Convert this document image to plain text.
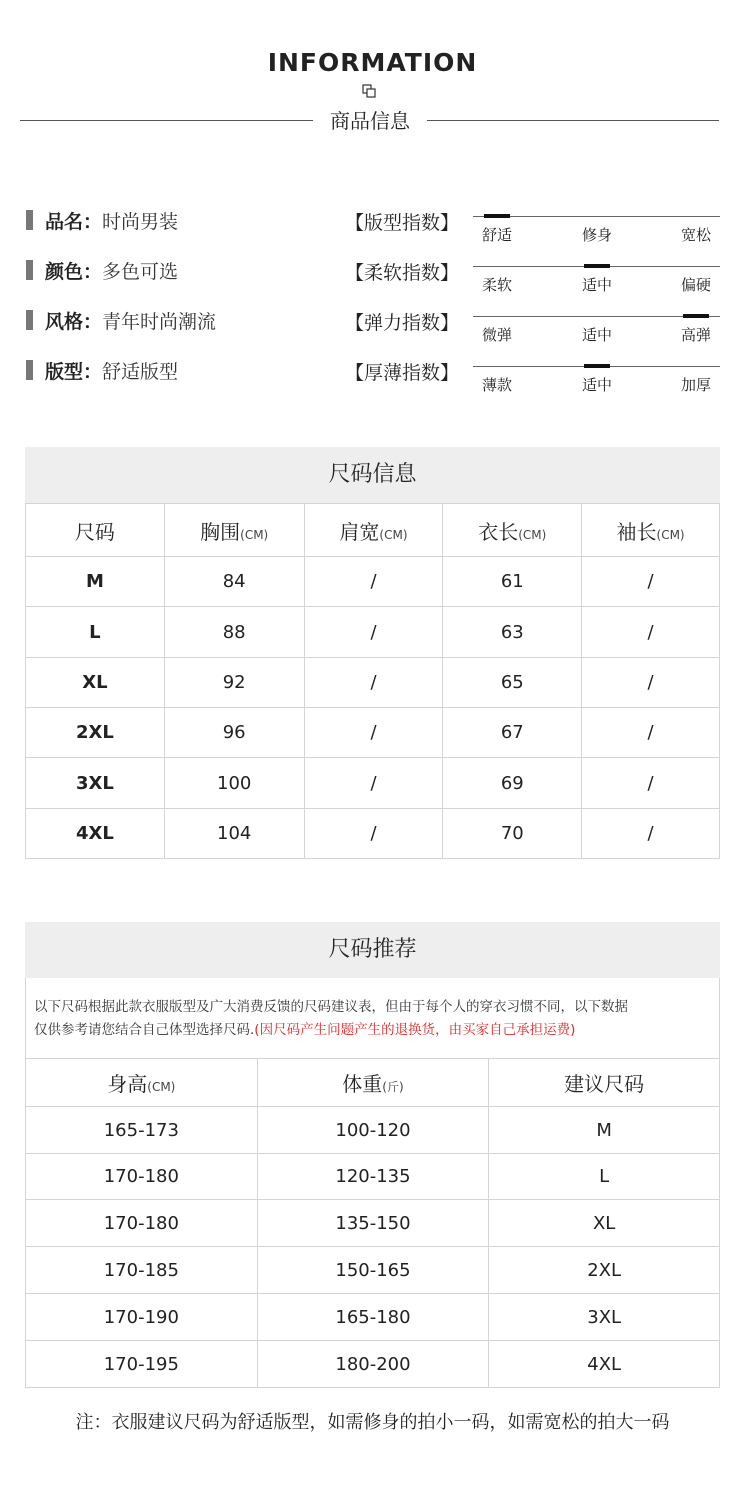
INFORMATION
商品信息
品名： 时尚男装
颜色： 多色可选
风格： 青年时尚潮流
版型： 舒适版型
【版型指数】
舒适	修身	宽松
【柔软指数】
柔软	适中	偏硬
【弹力指数】
微弹	适中	高弹
【厚薄指数】
薄款	适中	加厚
尺码信息
尺码	胸围(CM)	肩宽(CM)	衣长(CM)	袖长(CM)
M	84	/	61	/
L	88	/	63	/
XL	92	/	65	/
2XL	96	/	67	/
3XL	100	/	69	/
4XL	104	/	70	/
尺码推荐
以下尺码根据此款衣服版型及广大消费反馈的尺码建议表，但由于每个人的穿衣习惯不同，以下数据
仅供参考请您结合自己体型选择尺码.(因尺码产生问题产生的退换货，由买家自己承担运费)
身高(CM)	体重(斤)	建议尺码
165-173	100-120	M
170-180	120-135	L
170-180	135-150	XL
170-185	150-165	2XL
170-190	165-180	3XL
170-195	180-200	4XL
注：衣服建议尺码为舒适版型，如需修身的拍小一码，如需宽松的拍大一码
